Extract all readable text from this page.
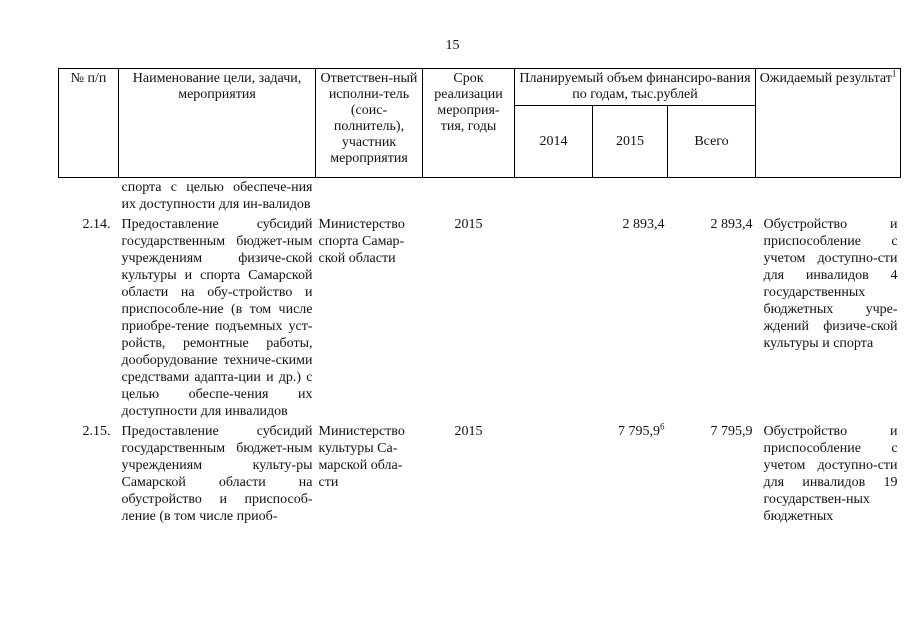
15
№ п/п	Наименование цели, задачи, мероприятия	Ответствен-ный исполни-тель (соис-полнитель), участник мероприятия	Срок реализации мероприя-тия, годы	Планируемый объем финансиро-вания по годам, тыс.рублей			Ожидаемый результат$^1$
				2014	2015	Всего	
	спорта с целью обеспече-ния их доступности для ин-валидов						
2.14.	Предоставление субсидий государственным бюджет-ным учреждениям физиче-ской культуры и спорта Самарской области на обу-стройство и приспособле-ние (в том числе приобре-тение подъемных уст-ройств, ремонтные работы, дооборудование техниче-скими средствами адапта-ции и др.) с целью обеспе-чения их доступности для инвалидов	Министерство спорта Самар-ской области	2015		2 893,4	2 893,4	Обустройство и приспособление с учетом доступно-сти для инвалидов 4 государственных бюджетных учре-ждений физиче-ской культуры и спорта
2.15.	Предоставление субсидий государственным бюджет-ным учреждениям культу-ры Самарской области на обустройство и приспособ-ление (в том числе приоб-	Министерство культуры Са-марской обла-сти	2015		7 795,9$^6$	7 795,9	Обустройство и приспособление с учетом доступно-сти для инвалидов 19 государствен-ных бюджетных
